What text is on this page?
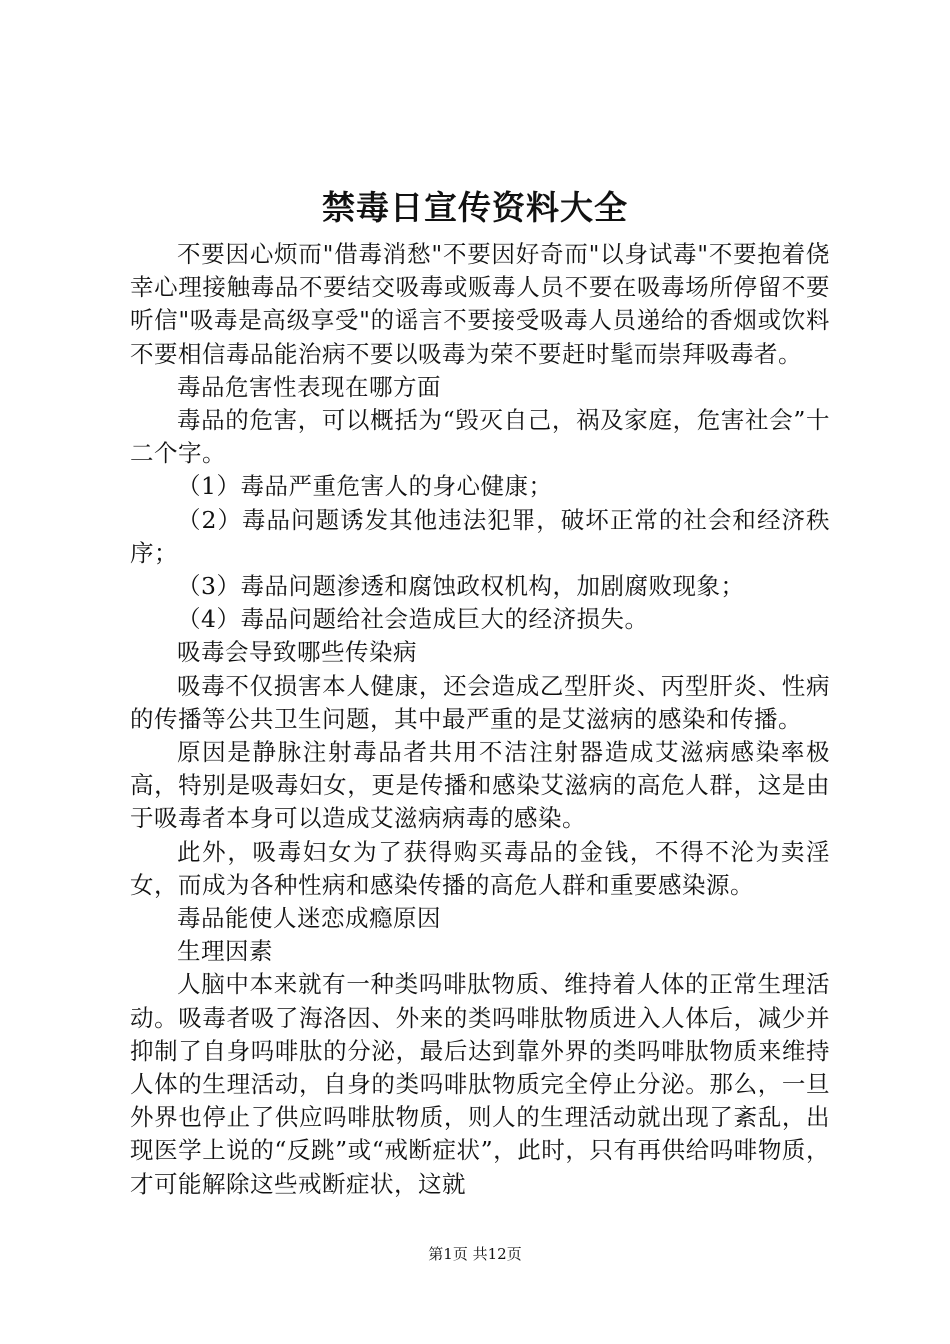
禁毒日宣传资料大全

不要因心烦而"借毒消愁"不要因好奇而"以身试毒"不要抱着侥幸心理接触毒品不要结交吸毒或贩毒人员不要在吸毒场所停留不要听信"吸毒是高级享受"的谣言不要接受吸毒人员递给的香烟或饮料不要相信毒品能治病不要以吸毒为荣不要赶时髦而崇拜吸毒者。

毒品危害性表现在哪方面

毒品的危害，可以概括为“毁灭自己，祸及家庭，危害社会”十二个字。

（1）毒品严重危害人的身心健康；

（2）毒品问题诱发其他违法犯罪，破坏正常的社会和经济秩序；

（3）毒品问题渗透和腐蚀政权机构，加剧腐败现象；

（4）毒品问题给社会造成巨大的经济损失。

吸毒会导致哪些传染病

吸毒不仅损害本人健康，还会造成乙型肝炎、丙型肝炎、性病的传播等公共卫生问题，其中最严重的是艾滋病的感染和传播。

原因是静脉注射毒品者共用不洁注射器造成艾滋病感染率极高，特别是吸毒妇女，更是传播和感染艾滋病的高危人群，这是由于吸毒者本身可以造成艾滋病病毒的感染。

此外，吸毒妇女为了获得购买毒品的金钱，不得不沦为卖淫女，而成为各种性病和感染传播的高危人群和重要感染源。

毒品能使人迷恋成瘾原因

生理因素

人脑中本来就有一种类吗啡肽物质、维持着人体的正常生理活动。吸毒者吸了海洛因、外来的类吗啡肽物质进入人体后，减少并抑制了自身吗啡肽的分泌，最后达到靠外界的类吗啡肽物质来维持人体的生理活动，自身的类吗啡肽物质完全停止分泌。那么，一旦外界也停止了供应吗啡肽物质，则人的生理活动就出现了紊乱，出现医学上说的“反跳”或“戒断症状”，此时，只有再供给吗啡物质，才可能解除这些戒断症状，这就

第1页 共12页
